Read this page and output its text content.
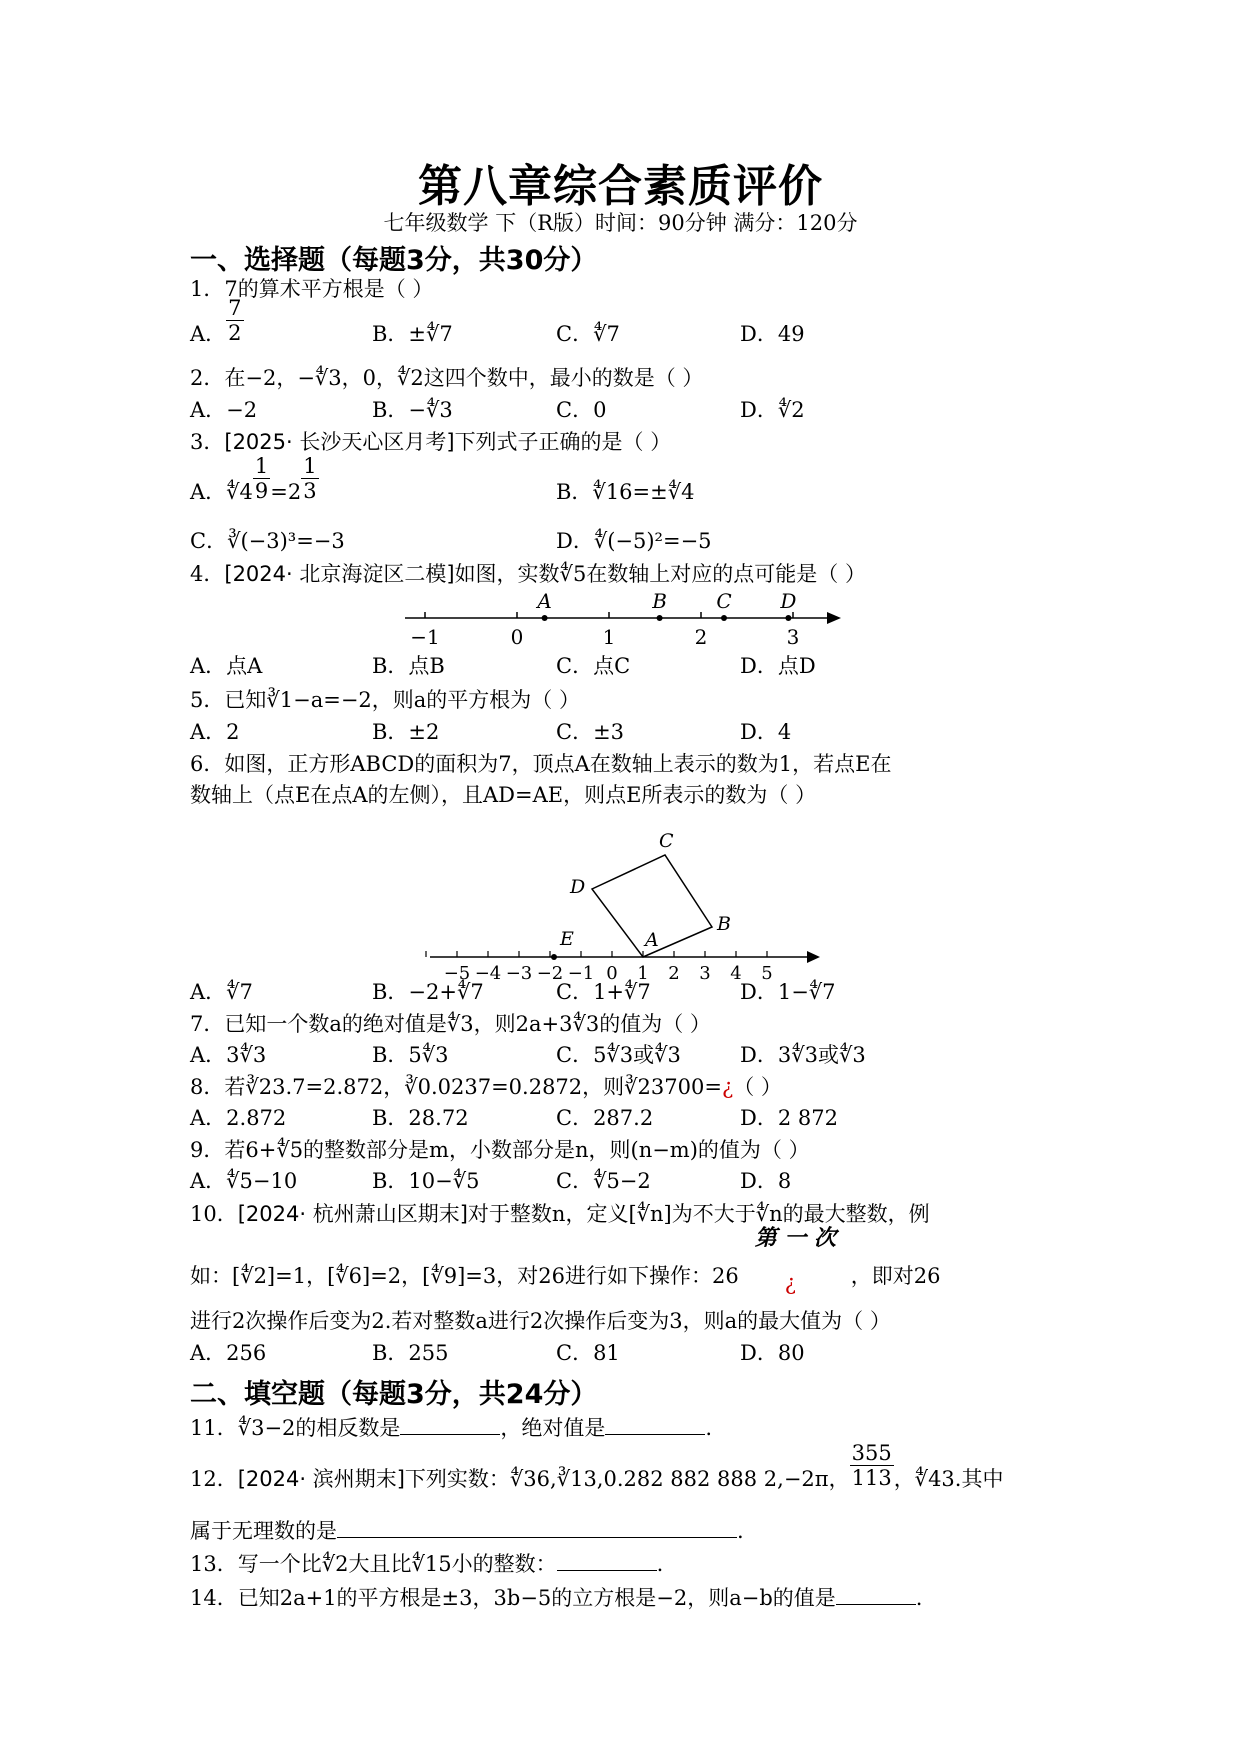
第八章综合素质评价
七年级数学 下（R版）时间：90分钟 满分：120分
一、选择题（每题3分，共30分）
1．7的算术平方根是（ ）
A． $\frac{7}{2}$	B．±∜7	C．∜7	D．49
2．在−2，−∜3，0，∜2这四个数中，最小的数是（ ）
A．−2	B．−∜3	C．0	D．∜2
3．[2025· 长沙天心区月考]下列式子正确的是（ ）
A．∜4 $\frac{1}{9} =2 \frac{1}{3}$	B．∜16=±∜4
C．∛(−3)³=−3	D．∜(−5)²=−5
4．[2024· 北京海淀区二模]如图，实数∜5在数轴上对应的点可能是（ ）
−1	0	1	2	3
A	B C D
A．点A	B．点B	C．点C	D．点D
5．已知∛1−a=−2，则a的平方根为（ ）
A．2	B．±2	C．±3	D．4
6．如图，正方形ABCD的面积为7，顶点A在数轴上表示的数为1，若点E在
数轴上（点E在点A的左侧），且AD=AE，则点E所表示的数为（ ）
−5 −4 −3 −2 −1 0 1 2 3 4 5
E	A
B
C
D
A．∜7	B．−2+∜7	C．1+∜7	D．1−∜7
7．已知一个数a的绝对值是∜3，则2a+3∜3的值为（ ）
A．3∜3	B．5∜3	C．5∜3或∜3	D．3∜3或∜3
8．若∛23.7=2.872，∛0.0237=0.2872，则∛23700=¿（ ）
A．2.872	B．28.72	C．287.2	D．2 872
9．若6+∜5的整数部分是m，小数部分是n，则(n−m)的值为（ ）
A．∜5−10	B．10−∜5	C．∜5−2	D．8
10．[2024· 杭州萧山区期末]对于整数n，定义[∜n]为不大于∜n的最大整数，例
如：[∜2]=1，[∜6]=2，[∜9]=3，对26进行如下操作：26
第 一 次
¿	，即对26
进行2次操作后变为2.若对整数a进行2次操作后变为3，则a的最大值为（ ）
A．256	B．255	C．81	D．80
二、填空题（每题3分，共24分）
11．∜3−2的相反数是	，绝对值是	.
12．[2024· 滨州期末]下列实数：∜36,∛13,0.282 882 888 2,−2π， $\frac{355}{113}$ ，∜43.其中
属于无理数的是	.
13．写一个比∜2大且比∜15小的整数：	.
14．已知2a+1的平方根是±3，3b−5的立方根是−2，则a−b的值是	.
